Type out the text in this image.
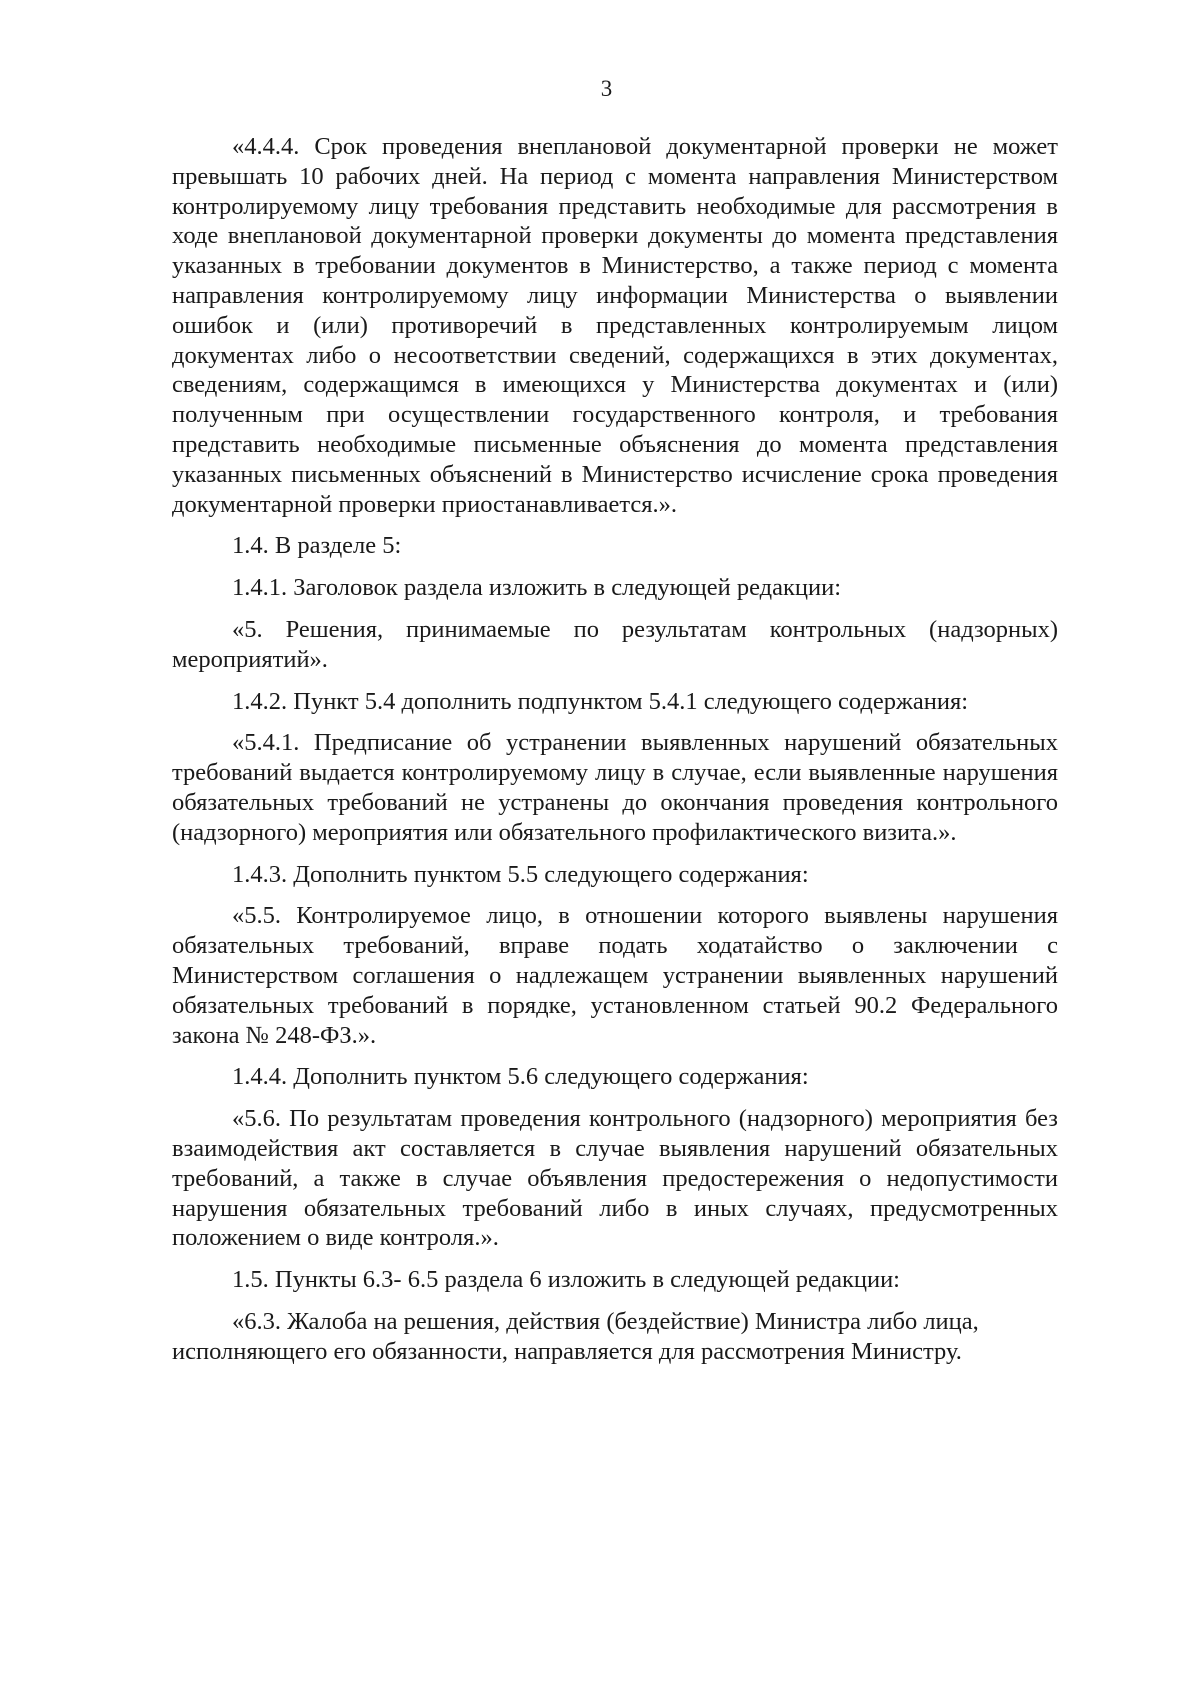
3

«4.4.4. Срок проведения внеплановой документарной проверки не может превышать 10 рабочих дней. На период с момента направления Министерством контролируемому лицу требования представить необходимые для рассмотрения в ходе внеплановой документарной проверки документы до момента представления указанных в требовании документов в Министерство, а также период с момента направления контролируемому лицу информации Министерства о выявлении ошибок и (или) противоречий в представленных контролируемым лицом документах либо о несоответствии сведений, содержащихся в этих документах, сведениям, содержащимся в имеющихся у Министерства документах и (или) полученным при осуществлении государственного контроля, и требования представить необходимые письменные объяснения до момента представления указанных письменных объяснений в Министерство исчисление срока проведения документарной проверки приостанавливается.».

1.4. В разделе 5:

1.4.1. Заголовок раздела изложить в следующей редакции:

«5. Решения, принимаемые по результатам контрольных (надзорных) мероприятий».

1.4.2. Пункт 5.4 дополнить подпунктом 5.4.1 следующего содержания:

«5.4.1. Предписание об устранении выявленных нарушений обязательных требований выдается контролируемому лицу в случае, если выявленные нарушения обязательных требований не устранены до окончания проведения контрольного (надзорного) мероприятия или обязательного профилактического визита.».

1.4.3. Дополнить пунктом 5.5 следующего содержания:

«5.5. Контролируемое лицо, в отношении которого выявлены нарушения обязательных требований, вправе подать ходатайство о заключении с Министерством соглашения о надлежащем устранении выявленных нарушений обязательных требований в порядке, установленном статьей 90.2 Федерального закона № 248-ФЗ.».

1.4.4. Дополнить пунктом 5.6 следующего содержания:

«5.6. По результатам проведения контрольного (надзорного) мероприятия без взаимодействия акт составляется в случае выявления нарушений обязательных требований, а также в случае объявления предостережения о недопустимости нарушения обязательных требований либо в иных случаях, предусмотренных положением о виде контроля.».

1.5. Пункты 6.3- 6.5 раздела 6 изложить в следующей редакции:

«6.3. Жалоба на решения, действия (бездействие) Министра либо лица, исполняющего его обязанности, направляется для рассмотрения Министру.
